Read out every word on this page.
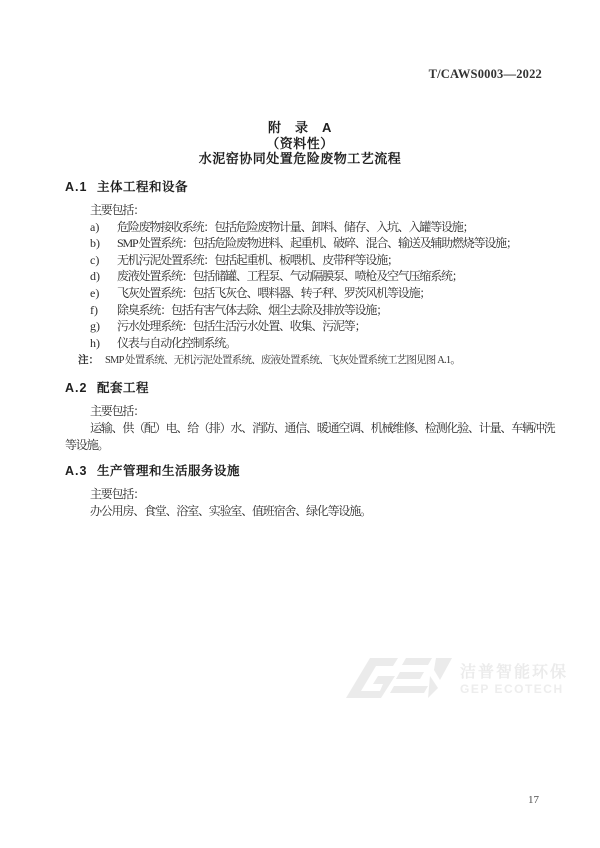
T/CAWS0003—2022
附　录　A
（资料性）
水泥窑协同处置危险废物工艺流程
A.1 主体工程和设备
主要包括：
a) 危险废物接收系统：包括危险废物计量、卸料、储存、入坑、入罐等设施；
b) SMP 处置系统：包括危险废物进料、起重机、破碎、混合、输送及辅助燃烧等设施；
c) 无机污泥处置系统：包括起重机、板喂机、皮带秤等设施；
d) 废液处置系统：包括储罐、工程泵、气动隔膜泵、喷枪及空气压缩系统；
e) 飞灰处置系统：包括飞灰仓、喂料器、转子秤、罗茨风机等设施；
f) 除臭系统：包括有害气体去除、烟尘去除及排放等设施；
g) 污水处理系统：包括生活污水处置、收集、污泥等；
h) 仪表与自动化控制系统。
注： SMP 处置系统、无机污泥处置系统、废液处置系统、飞灰处置系统工艺图见图 A.1。
A.2 配套工程
主要包括：
运输、供（配）电、给（排）水、消防、通信、暖通空调、机械维修、检测化验、计量、车辆冲洗
等设施。
A.3 生产管理和生活服务设施
主要包括：
办公用房、食堂、浴室、实验室、值班宿舍、绿化等设施。
洁普智能环保
GEP ECOTECH
17
